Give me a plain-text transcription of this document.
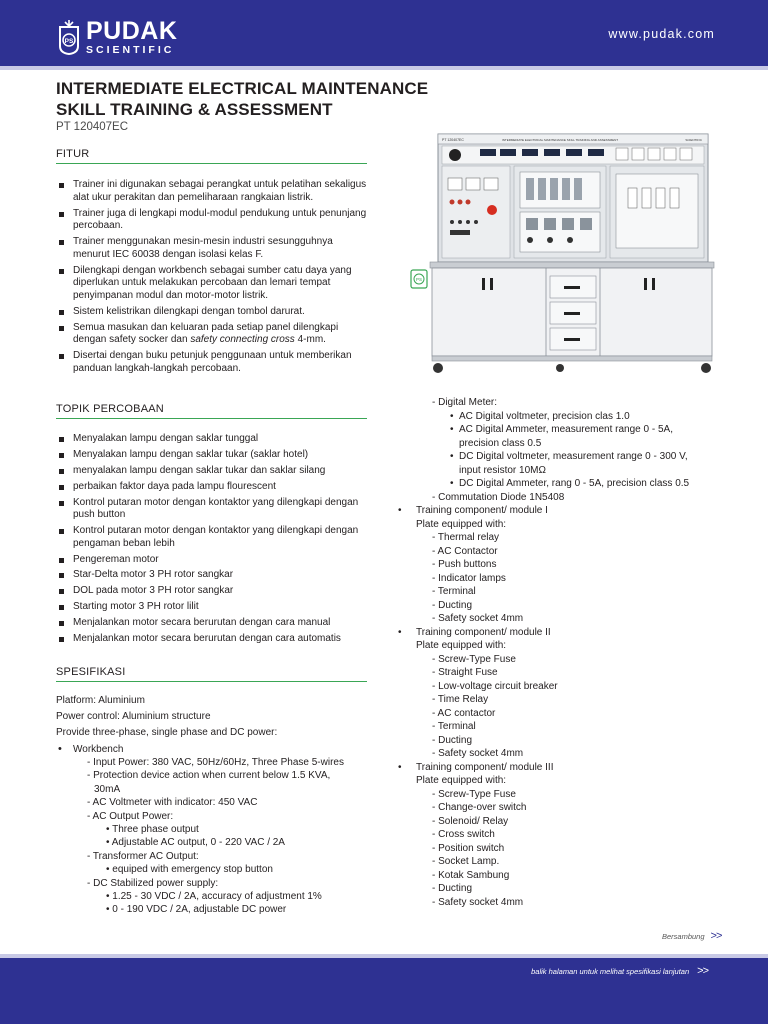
PS PUDAK
SCIENTIFIC
www.pudak.com
INTERMEDIATE ELECTRICAL MAINTENANCE
SKILL TRAINING & ASSESSMENT
PT 120407EC
FITUR
Trainer ini digunakan sebagai perangkat untuk pelatihan sekaligus alat ukur perakitan dan pemeliharaan rangkaian listrik.
Trainer juga di lengkapi modul-modul pendukung untuk penunjang percobaan.
Trainer menggunakan mesin-mesin industri sesungguhnya menurut IEC 60038 dengan isolasi kelas F.
Dilengkapi dengan workbench sebagai sumber catu daya yang diperlukan untuk melakukan percobaan dan lemari tempat penyimpanan modul dan motor-motor listrik.
Sistem kelistrikan dilengkapi dengan tombol darurat.
Semua masukan dan keluaran pada setiap panel dilengkapi dengan safety socker dan safety connecting cross 4-mm.
Disertai dengan buku petunjuk penggunaan untuk memberikan panduan langkah-langkah percobaan.
TOPIK PERCOBAAN
Menyalakan lampu dengan saklar tunggal
Menyalakan lampu dengan saklar tukar (saklar hotel)
menyalakan lampu dengan saklar tukar dan saklar silang
perbaikan faktor daya pada lampu flourescent
Kontrol putaran motor dengan kontaktor yang dilengkapi dengan push button
Kontrol putaran motor dengan kontaktor yang dilengkapi dengan pengaman beban lebih
Pengereman motor
Star-Delta motor 3 PH rotor sangkar
DOL pada motor 3 PH rotor sangkar
Starting motor 3 PH rotor lilit
Menjalankan motor secara berurutan dengan cara manual
Menjalankan motor secara berurutan dengan cara automatis
SPESIFIKASI
Platform: Aluminium
Power control: Aluminium structure
Provide three-phase, single phase and DC power:
• Workbench
- Input Power: 380 VAC, 50Hz/60Hz, Three Phase 5-wires
- Protection device action when current below 1.5 KVA,
30mA
- AC Voltmeter with indicator: 450 VAC
- AC Output Power:
• Three phase output
• Adjustable AC output, 0 - 220 VAC / 2A
- Transformer AC Output:
• equiped with emergency stop button
- DC Stabilized power supply:
• 1.25 - 30 VDC / 2A, accuracy of adjustment 1%
• 0 - 190 VDC / 2A, adjustable DC power
- Digital Meter:
• AC Digital voltmeter, precision clas 1.0
• AC Digital Ammeter, measurement range 0 - 5A,
precision class 0.5
• DC Digital voltmeter, measurement range 0 - 300 V,
input resistor 10MΩ
• DC Digital Ammeter, rang 0 - 5A, precision class 0.5
- Commutation Diode 1N5408
• Training component/ module I
Plate equipped with:
- Thermal relay
- AC Contactor
- Push buttons
- Indicator lamps
- Terminal
- Ducting
- Safety socket 4mm
• Training component/ module II
Plate equipped with:
- Screw-Type Fuse
- Straight Fuse
- Low-voltage circuit breaker
- Time Relay
- AC contactor
- Terminal
- Ducting
- Safety socket 4mm
• Training component/ module III
Plate equipped with:
- Screw-Type Fuse
- Change-over switch
- Solenoid/ Relay
- Cross switch
- Position switch
- Socket Lamp.
- Kotak Sambung
- Ducting
- Safety socket 4mm
PT 120407EC	INTERMEDIATE ELECTRICAL MAINTENANCE SKILL TRAINING AND ASSESSMENT	SCIENTIFIC
PS
Bersambung >>
balik halaman untuk melihat spesifikasi lanjutan >>
